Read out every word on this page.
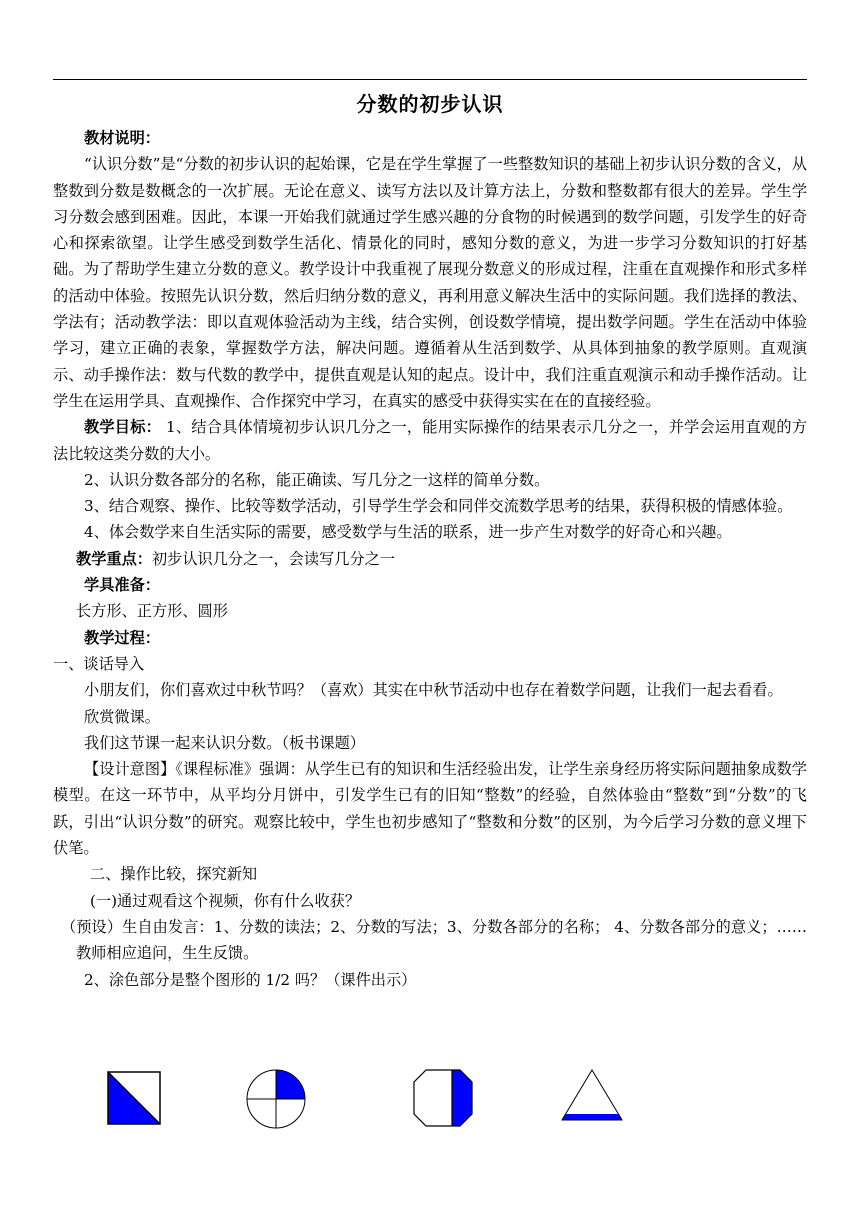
分数的初步认识

教材说明：

“认识分数”是“分数的初步认识的起始课，它是在学生掌握了一些整数知识的基础上初步认识分数的含义，从整数到分数是数概念的一次扩展。无论在意义、读写方法以及计算方法上，分数和整数都有很大的差异。学生学习分数会感到困难。因此，本课一开始我们就通过学生感兴趣的分食物的时候遇到的数学问题，引发学生的好奇心和探索欲望。让学生感受到数学生活化、情景化的同时，感知分数的意义，为进一步学习分数知识的打好基础。为了帮助学生建立分数的意义。教学设计中我重视了展现分数意义的形成过程，注重在直观操作和形式多样的活动中体验。按照先认识分数，然后归纳分数的意义，再利用意义解决生活中的实际问题。我们选择的教法、学法有；活动教学法：即以直观体验活动为主线，结合实例，创设数学情境，提出数学问题。学生在活动中体验学习，建立正确的表象，掌握数学方法，解决问题。遵循着从生活到数学、从具体到抽象的教学原则。直观演示、动手操作法：数与代数的教学中，提供直观是认知的起点。设计中，我们注重直观演示和动手操作活动。让学生在运用学具、直观操作、合作探究中学习，在真实的感受中获得实实在在的直接经验。

教学目标： 1、结合具体情境初步认识几分之一，能用实际操作的结果表示几分之一，并学会运用直观的方法比较这类分数的大小。

2、认识分数各部分的名称，能正确读、写几分之一这样的简单分数。

3、结合观察、操作、比较等数学活动，引导学生学会和同伴交流数学思考的结果，获得积极的情感体验。

4、体会数学来自生活实际的需要，感受数学与生活的联系，进一步产生对数学的好奇心和兴趣。

教学重点：初步认识几分之一，会读写几分之一

学具准备：

长方形、正方形、圆形

教学过程：

一、谈话导入

小朋友们，你们喜欢过中秋节吗？（喜欢）其实在中秋节活动中也存在着数学问题，让我们一起去看看。

欣赏微课。

我们这节课一起来认识分数。（板书课题）

【设计意图】《课程标准》强调：从学生已有的知识和生活经验出发，让学生亲身经历将实际问题抽象成数学模型。在这一环节中，从平均分月饼中，引发学生已有的旧知“整数”的经验，自然体验由“整数”到“分数”的飞跃，引出“认识分数”的研究。观察比较中，学生也初步感知了“整数和分数”的区别，为今后学习分数的意义埋下伏笔。

二、操作比较，探究新知

(一)通过观看这个视频，你有什么收获？

（预设）生自由发言：1、分数的读法；2、分数的写法；3、分数各部分的名称； 4、分数各部分的意义；……教师相应追问，生生反馈。

2、涂色部分是整个图形的 1/2 吗？（课件出示）
